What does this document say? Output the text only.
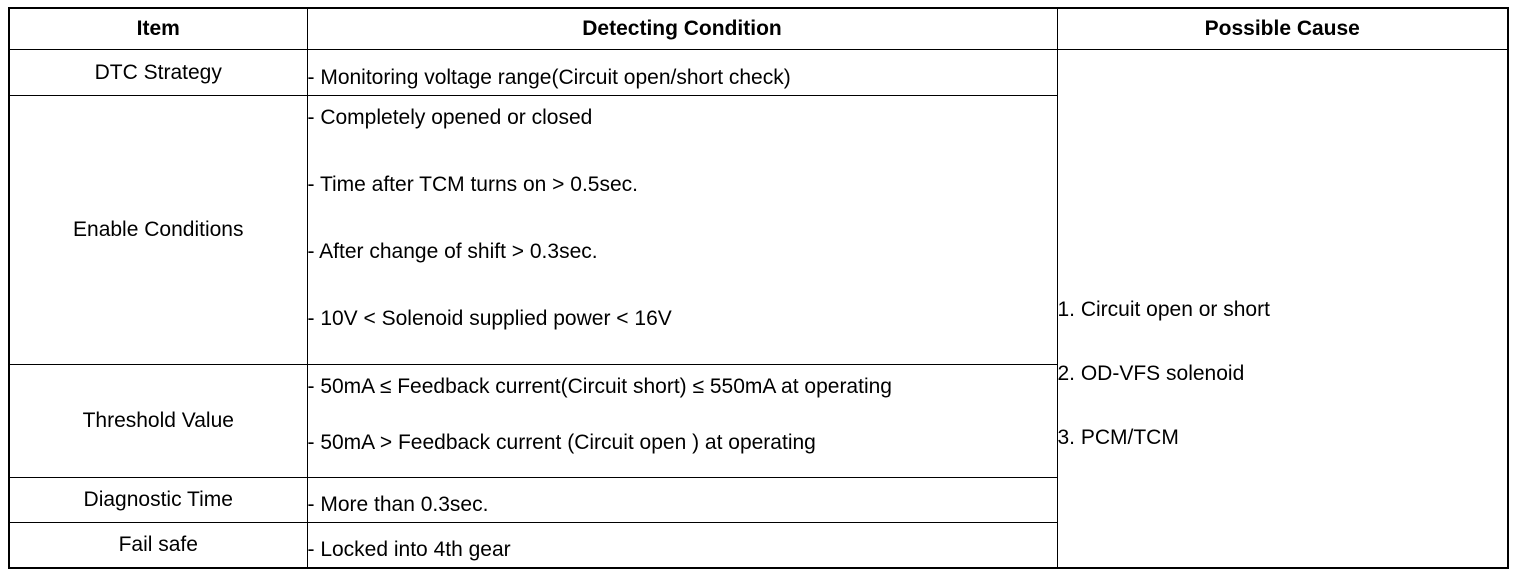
Item	Detecting Condition	Possible Cause
DTC Strategy	- Monitoring voltage range(Circuit open/short check)	1. Circuit open or short
2. OD-VFS solenoid
3. PCM/TCM

Enable Conditions	- Completely opened or closed
- Time after TCM turns on > 0.5sec.
- After change of shift > 0.3sec.
- 10V < Solenoid supplied power < 16V	

Threshold Value	- 50mA ≤ Feedback current(Circuit short) ≤ 550mA at operating
- 50mA > Feedback current (Circuit open ) at operating	

Diagnostic Time	- More than 0.3sec.	

Fail safe	- Locked into 4th gear	
